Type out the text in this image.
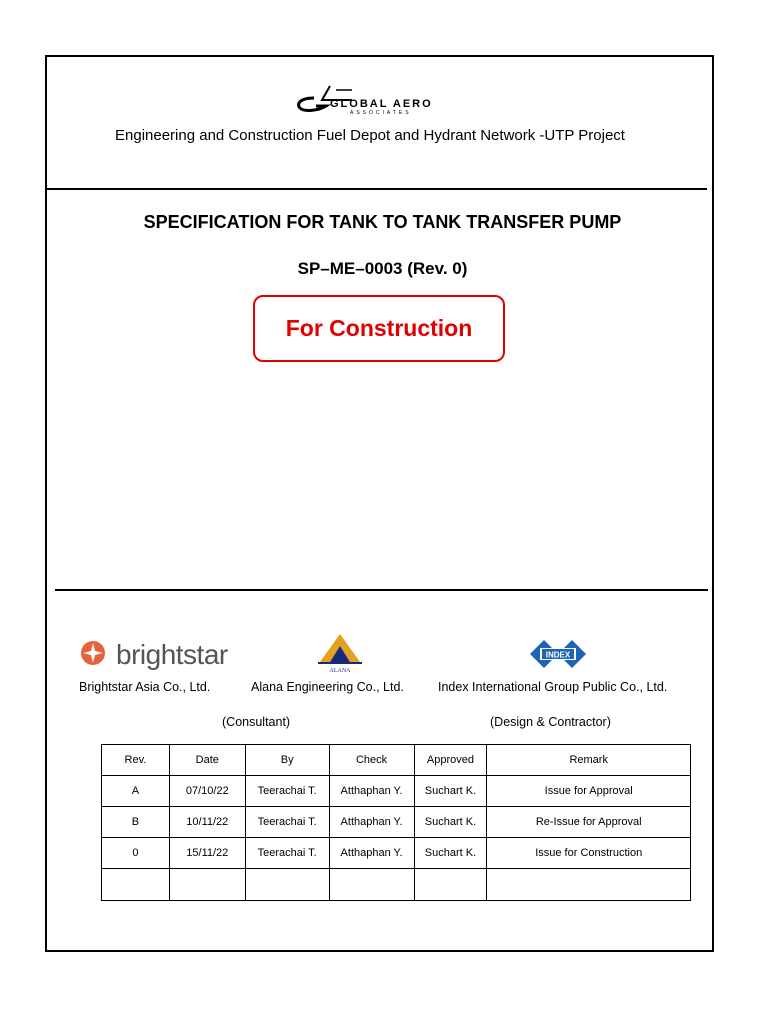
GLOBAL AERO
ASSOCIATES
Engineering and Construction Fuel Depot and Hydrant Network -UTP Project
SPECIFICATION FOR TANK TO TANK TRANSFER PUMP
SP–ME–0003 (Rev. 0)
For Construction
brightstar
ALANA
INDEX
Brightstar Asia Co., Ltd.	Alana Engineering Co., Ltd.	Index International Group Public Co., Ltd.
(Consultant)	(Design & Contractor)
Rev.	Date	By	Check	Approved	Remark
A	07/10/22	Teerachai T.	Atthaphan Y.	Suchart K.	Issue for Approval
B	10/11/22	Teerachai T.	Atthaphan Y.	Suchart K.	Re-Issue for Approval
0	15/11/22	Teerachai T.	Atthaphan Y.	Suchart K.	Issue for Construction
